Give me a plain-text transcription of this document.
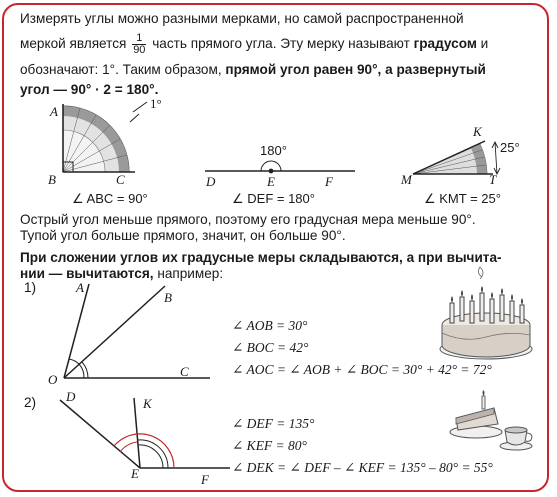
Измерять углы можно разными мерками, но самой распространенной
меркой является $\frac{1}{90}$ часть прямого угла. Эту мерку называют градусом и
обозначают: 1°. Таким образом, прямой угол равен 90°, а развернутый
угол — 90° · 2 = 180°.
A
B	C
1°
∠ ABC = 90°
180°
D	E	F
∠ DEF = 180°
K
25°
M	T
∠ KMT = 25°
Острый угол меньше прямого, поэтому его градусная мера меньше 90°.
Тупой угол больше прямого, значит, он больше 90°.
При сложении углов их градусные меры складываются, а при вычита-
нии — вычитаются, например:
1)	A
B
O
C
∠ AOB = 30°
∠ BOC = 42°
∠ AOC = ∠ AOB + ∠ BOC = 30° + 42° = 72°
2) D	K
E	F
∠ DEF = 135°
∠ KEF = 80°
∠ DEK = ∠ DEF – ∠ KEF = 135° – 80° = 55°
